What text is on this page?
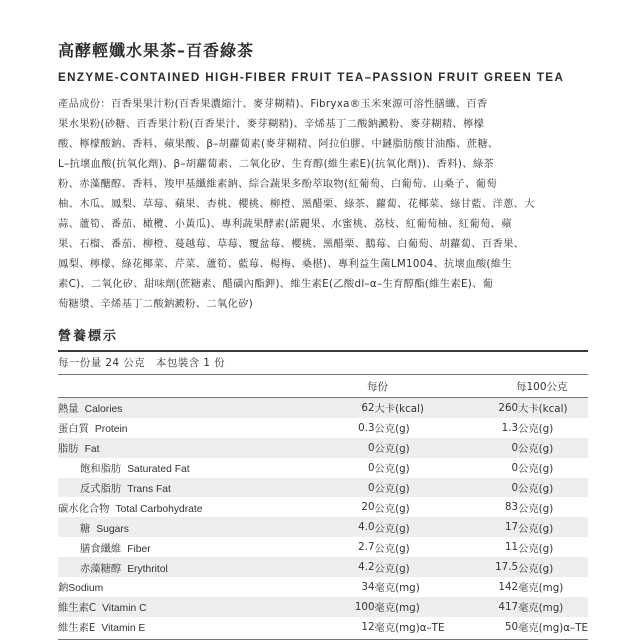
高酵輕孅水果茶–百香綠茶
ENZYME-CONTAINED HIGH-FIBER FRUIT TEA–PASSION FRUIT GREEN TEA
產品成份：百香果果汁粉(百香果濃縮汁、麥芽糊精)、Fibryxa®玉米來源可溶性膳纖、百香
果水果粉(砂糖、百香果汁粉(百香果汁、麥芽糊精)、辛烯基丁二酸鈉澱粉、麥芽糊精、檸檬
酸、檸檬酸鈉、香料、蘋果酸、β–胡蘿蔔素(麥芽糊精、阿拉伯膠、中鏈脂肪酸甘油酯、蔗糖、
L–抗壞血酸(抗氧化劑)、β–胡蘿蔔素、二氧化矽、生育醇(維生素E)(抗氧化劑))、香料)、綠茶
粉、赤藻醣醇、香料、羧甲基纖維素鈉、綜合蔬果多酚萃取物(紅葡萄、白葡萄、山桑子、葡萄
柚、木瓜、鳳梨、草莓、蘋果、杏桃、櫻桃、柳橙、黑醋栗、綠茶、蘿蔔、花椰菜、綠甘藍、洋蔥、大
蒜、蘆筍、番茄、橄欖、小黃瓜)、專利蔬果酵素(諾麗果、水蜜桃、荔枝、紅葡萄柚、紅葡萄、蘋
果、石榴、番茄、柳橙、蔓越莓、草莓、覆盆莓、櫻桃、黑醋栗、鵝莓、白葡萄、胡蘿蔔、百香果、
鳳梨、檸檬、綠花椰菜、芹菜、蘆筍、藍莓、楊梅、桑椹)、專利益生菌LM1004、抗壞血酸(維生
素C)、二氧化矽、甜味劑(蔗糖素、醋磺內酯鉀)、維生素E(乙酸dl–α–生育醇酯(維生素E)、葡
萄糖漿、辛烯基丁二酸鈉澱粉、二氧化矽)
營養標示
每一份量 24 公克　本包裝含 1 份
每份	每100公克
熱量 Calories	62	大卡(kcal)	260	大卡(kcal)
蛋白質 Protein	0.3	公克(g)	1.3	公克(g)
脂肪 Fat	0	公克(g)	0	公克(g)
飽和脂肪 Saturated Fat	0	公克(g)	0	公克(g)
反式脂肪 Trans Fat	0	公克(g)	0	公克(g)
碳水化合物 Total Carbohydrate	20	公克(g)	83	公克(g)
糖 Sugars	4.0	公克(g)	17	公克(g)
膳食纖維 Fiber	2.7	公克(g)	11	公克(g)
赤藻糖醇 Erythritol	4.2	公克(g)	17.5	公克(g)
鈉Sodium	34	毫克(mg)	142	毫克(mg)
維生素C Vitamin C	100	毫克(mg)	417	毫克(mg)
維生素E Vitamin E	12	毫克(mg)α–TE	50	毫克(mg)α–TE
